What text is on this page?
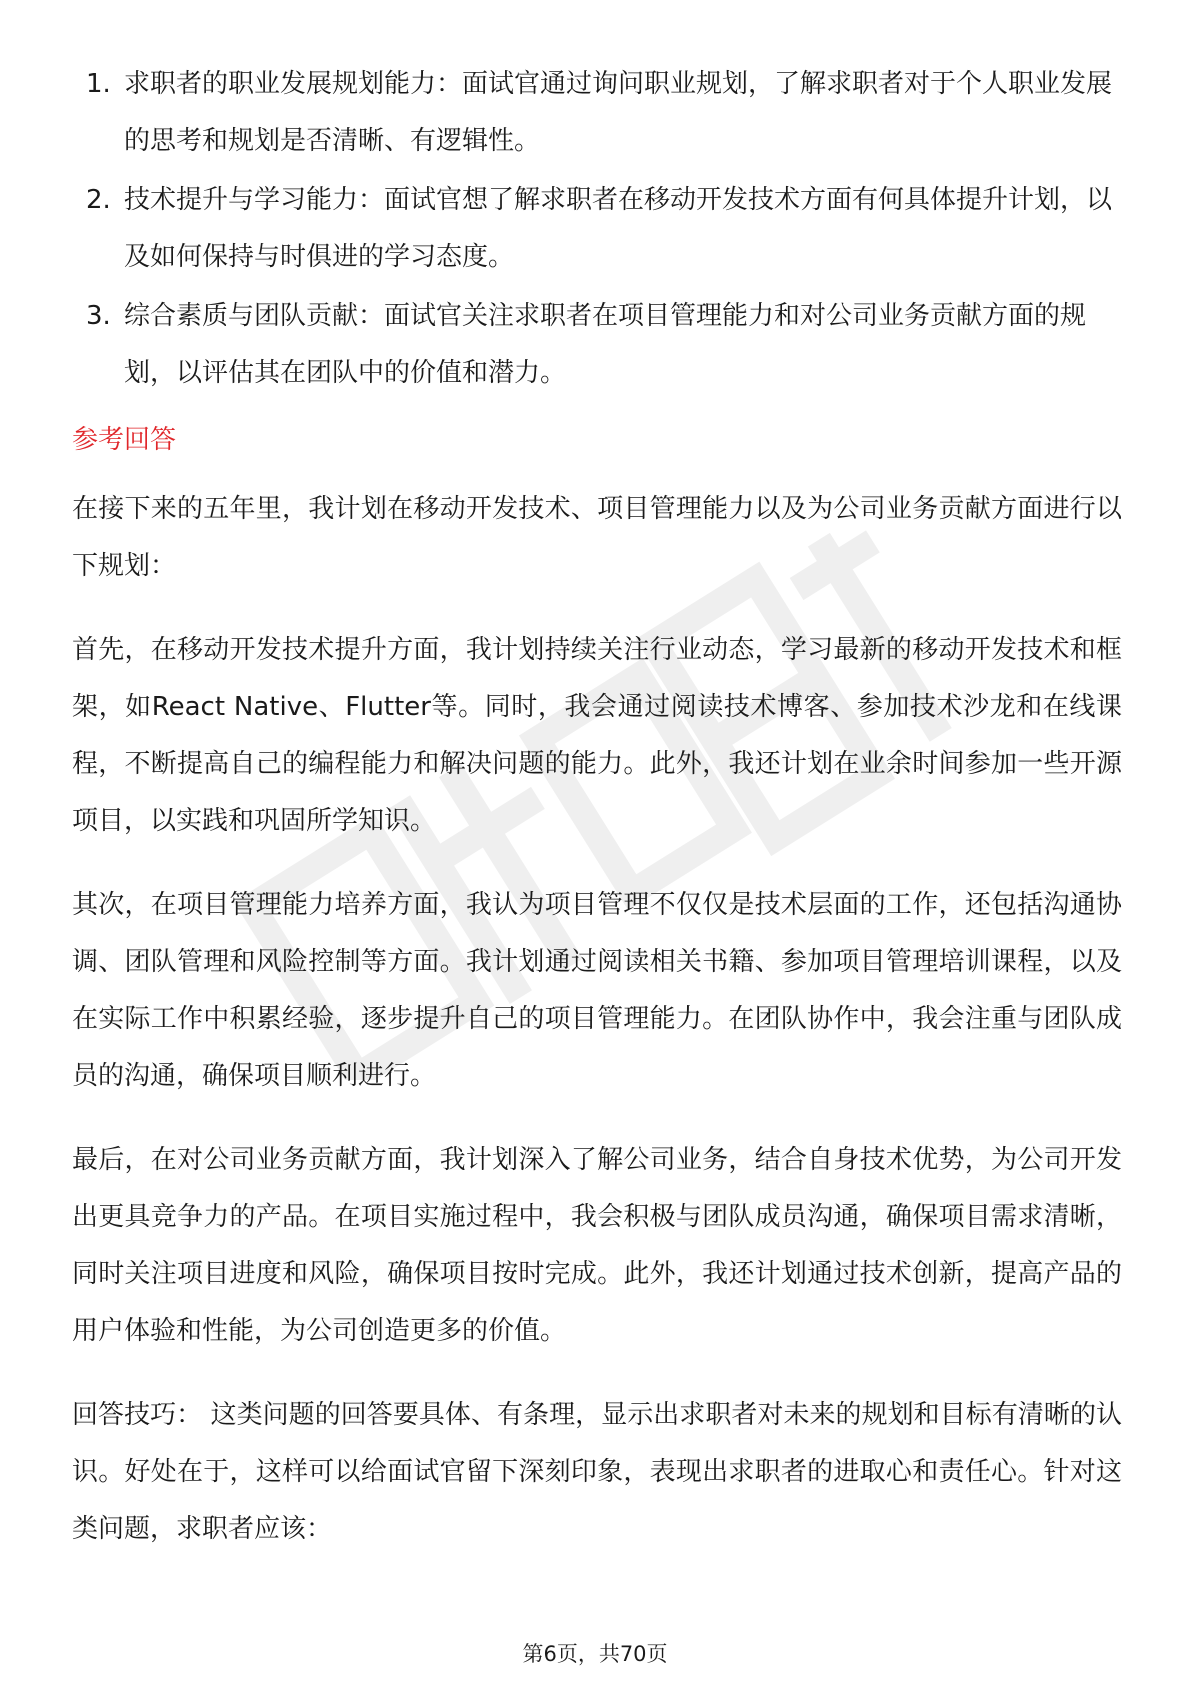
1. 求职者的职业发展规划能力：面试官通过询问职业规划，了解求职者对于个人职业发展的思考和规划是否清晰、有逻辑性。
2. 技术提升与学习能力：面试官想了解求职者在移动开发技术方面有何具体提升计划，以及如何保持与时俱进的学习态度。
3. 综合素质与团队贡献：面试官关注求职者在项目管理能力和对公司业务贡献方面的规划，以评估其在团队中的价值和潜力。
参考回答

在接下来的五年里，我计划在移动开发技术、项目管理能力以及为公司业务贡献方面进行以下规划：

首先，在移动开发技术提升方面，我计划持续关注行业动态，学习最新的移动开发技术和框架，如React Native、Flutter等。同时，我会通过阅读技术博客、参加技术沙龙和在线课程，不断提高自己的编程能力和解决问题的能力。此外，我还计划在业余时间参加一些开源项目，以实践和巩固所学知识。

其次，在项目管理能力培养方面，我认为项目管理不仅仅是技术层面的工作，还包括沟通协调、团队管理和风险控制等方面。我计划通过阅读相关书籍、参加项目管理培训课程，以及在实际工作中积累经验，逐步提升自己的项目管理能力。在团队协作中，我会注重与团队成员的沟通，确保项目顺利进行。

最后，在对公司业务贡献方面，我计划深入了解公司业务，结合自身技术优势，为公司开发出更具竞争力的产品。在项目实施过程中，我会积极与团队成员沟通，确保项目需求清晰，同时关注项目进度和风险，确保项目按时完成。此外，我还计划通过技术创新，提高产品的用户体验和性能，为公司创造更多的价值。

回答技巧： 这类问题的回答要具体、有条理，显示出求职者对未来的规划和目标有清晰的认识。好处在于，这样可以给面试官留下深刻印象，表现出求职者的进取心和责任心。针对这类问题，求职者应该：

第6页，共70页
